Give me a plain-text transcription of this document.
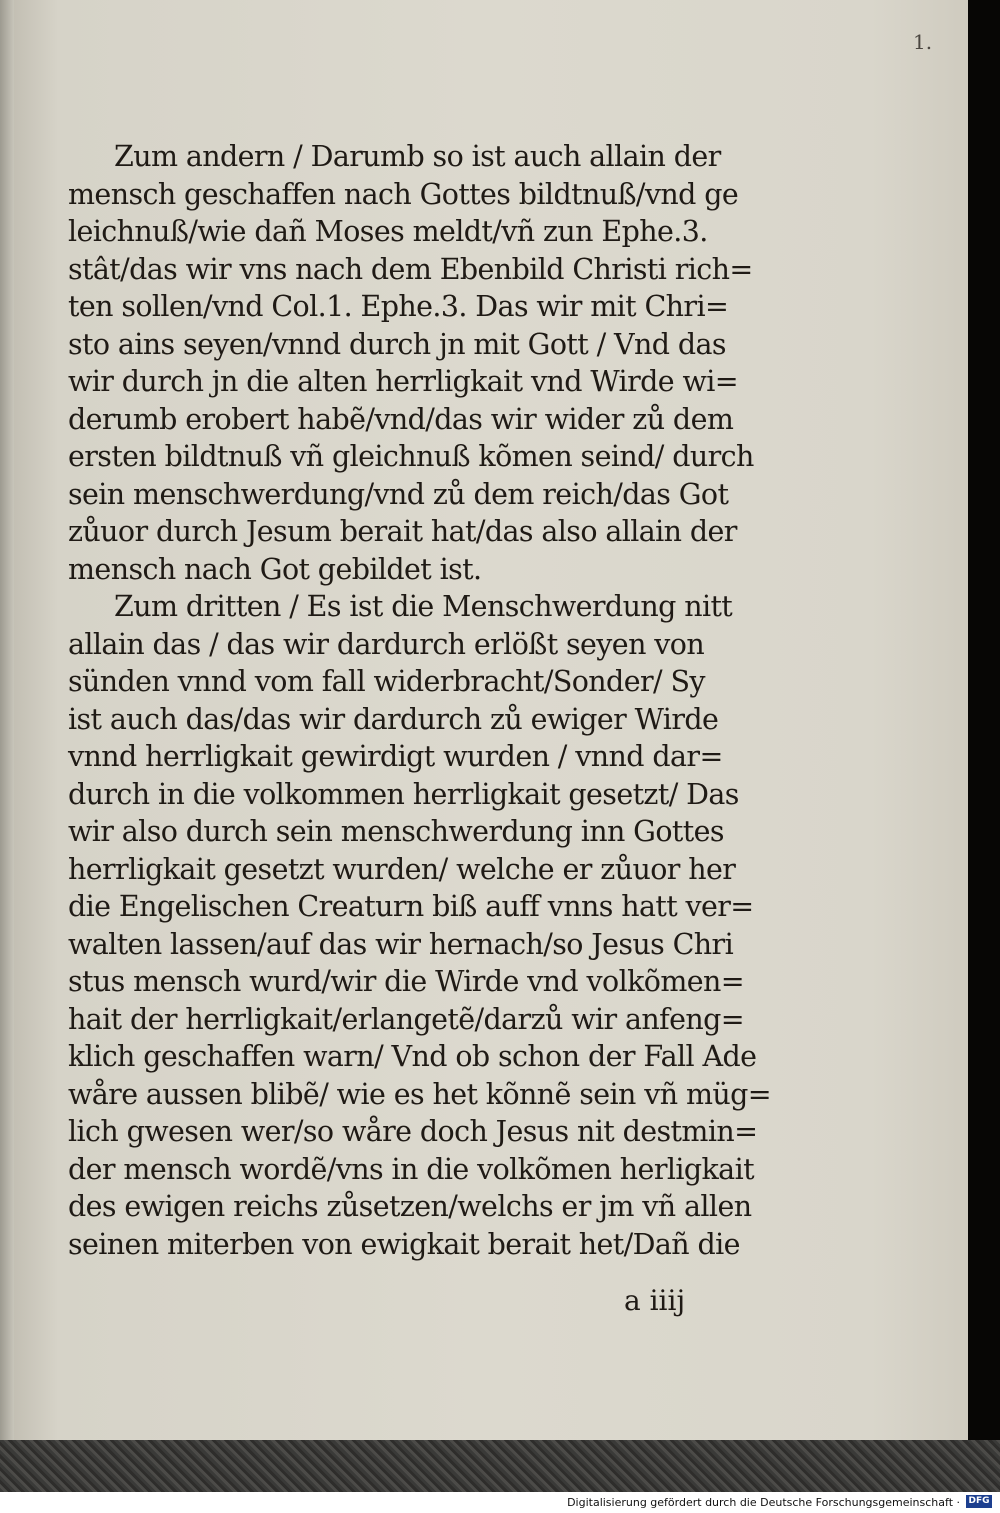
1.
Zum andern / Darumb so ist auch allain der
mensch geschaffen nach Gottes bildtnuß/vnd ge
leichnuß/wie dañ Moses meldt/vñ zun Ephe.3.
stât/das wir vns nach dem Ebenbild Christi rich=
ten sollen/vnd Col.1. Ephe.3. Das wir mit Chri=
sto ains seyen/vnnd durch jn mit Gott / Vnd das
wir durch jn die alten herrligkait vnd Wirde wi=
derumb erobert habẽ/vnd/das wir wider zů dem
ersten bildtnuß vñ gleichnuß kõmen seind/ durch
sein menschwerdung/vnd zů dem reich/das Got
zůuor durch Jesum berait hat/das also allain der
mensch nach Got gebildet ist.
Zum dritten / Es ist die Menschwerdung nitt
allain das / das wir dardurch erlößt seyen von
sünden vnnd vom fall widerbracht/Sonder/ Sy
ist auch das/das wir dardurch zů ewiger Wirde
vnnd herrligkait gewirdigt wurden / vnnd dar=
durch in die volkommen herrligkait gesetzt/ Das
wir also durch sein menschwerdung inn Gottes
herrligkait gesetzt wurden/ welche er zůuor her
die Engelischen Creaturn biß auff vnns hatt ver=
walten lassen/auf das wir hernach/so Jesus Chri
stus mensch wurd/wir die Wirde vnd volkõmen=
hait der herrligkait/erlangetẽ/darzů wir anfeng=
klich geschaffen warn/ Vnd ob schon der Fall Ade
wåre aussen blibẽ/ wie es het kõnnẽ sein vñ müg=
lich gwesen wer/so wåre doch Jesus nit destmin=
der mensch wordẽ/vns in die volkõmen herligkait
des ewigen reichs zůsetzen/welchs er jm vñ allen
seinen miterben von ewigkait berait het/Dañ die
a iiij
Digitalisierung gefördert durch die Deutsche Forschungsgemeinschaft · DFG
